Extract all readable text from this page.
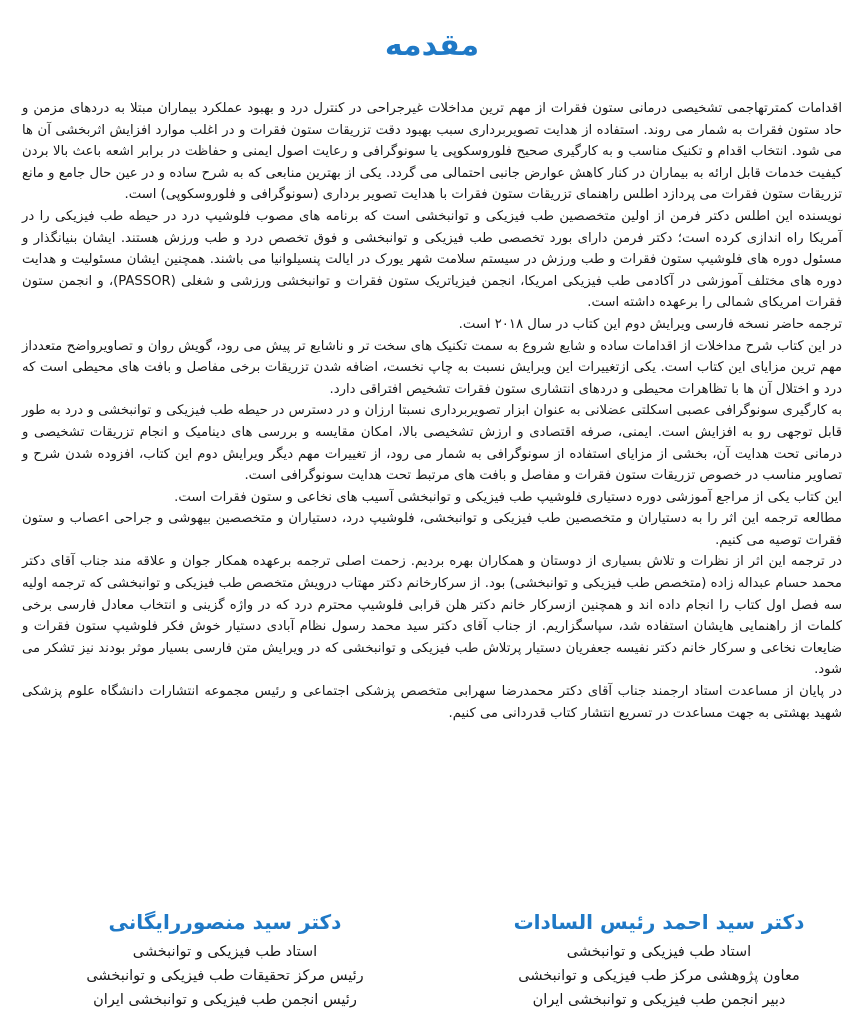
مقدمه

اقدامات کمترتهاجمی تشخیصی درمانی ستون فقرات از مهم ترین مداخلات غیرجراحی در کنترل درد و بهبود عملکرد بیماران مبتلا به دردهای مزمن و حاد ستون فقرات به شمار می روند. استفاده از هدایت تصویربرداری سبب بهبود دقت تزریقات ستون فقرات و در اغلب موارد افزایش اثربخشی آن ها می شود. انتخاب اقدام و تکنیک مناسب و به کارگیری صحیح فلوروسکوپی یا سونوگرافی و رعایت اصول ایمنی و حفاظت در برابر اشعه باعث بالا بردن کیفیت خدمات قابل ارائه به بیماران در کنار کاهش عوارض جانبی احتمالی می گردد. یکی از بهترین منابعی که به شرح ساده و در عین حال جامع و مانع تزریقات ستون فقرات می پردازد اطلس راهنمای تزریقات ستون فقرات با هدایت تصویر برداری (سونوگرافی و فلوروسکوپی) است.

نویسنده این اطلس دکتر فرمن از اولین متخصصین طب فیزیکی و توانبخشی است که برنامه های مصوب فلوشیپ درد در حیطه طب فیزیکی را در آمریکا راه اندازی کرده است؛ دکتر فرمن دارای بورد تخصصی طب فیزیکی و توانبخشی و فوق تخصص درد و طب ورزش هستند. ایشان بنیانگذار و مسئول دوره های فلوشیپ ستون فقرات و طب ورزش در سیستم سلامت شهر یورک در ایالت پنسیلوانیا می باشند. همچنین ایشان مسئولیت و هدایت دوره های مختلف آموزشی در آکادمی طب فیزیکی امریکا، انجمن فیزیاتریک ستون فقرات و توانبخشی ورزشی و شغلی (PASSOR)، و انجمن ستون فقرات امریکای شمالی را برعهده داشته است.

ترجمه حاضر نسخه فارسی ویرایش دوم این کتاب در سال ۲۰۱۸ است.

در این کتاب شرح مداخلات از اقدامات ساده و شایع شروع به سمت تکنیک های سخت تر و ناشایع تر پیش می رود، گویش روان و تصاویرواضح متعدداز مهم ترین مزایای این کتاب است. یکی ازتغییرات این ویرایش نسبت به چاپ نخست، اضافه شدن تزریقات برخی مفاصل و بافت های محیطی است که درد و اختلال آن ها با تظاهرات محیطی و دردهای انتشاری ستون فقرات تشخیص افتراقی دارد.

به کارگیری سونوگرافی عصبی اسکلتی عضلانی به عنوان ابزار تصویربرداری نسبتا ارزان و در دسترس در حیطه طب فیزیکی و توانبخشی و درد به طور قابل توجهی رو به افزایش است. ایمنی، صرفه اقتصادی و ارزش تشخیصی بالا، امکان مقایسه و بررسی های دینامیک و انجام تزریقات تشخیصی و درمانی تحت هدایت آن، بخشی از مزایای استفاده از سونوگرافی به شمار می رود، از تغییرات مهم دیگر ویرایش دوم این کتاب، افزوده شدن شرح و تصاویر مناسب در خصوص تزریقات ستون فقرات و مفاصل و بافت های مرتبط تحت هدایت سونوگرافی است.

این کتاب یکی از مراجع آموزشی دوره دستیاری فلوشیپ طب فیزیکی و توانبخشی آسیب های نخاعی و ستون فقرات است.

مطالعه ترجمه این اثر را به دستیاران و متخصصین طب فیزیکی و توانبخشی، فلوشیپ درد، دستیاران و متخصصین بیهوشی و جراحی اعصاب و ستون فقرات توصیه می کنیم.

در ترجمه این اثر از نظرات و تلاش بسیاری از دوستان و همکاران بهره بردیم. زحمت اصلی ترجمه برعهده همکار جوان و علاقه مند جناب آقای دکتر محمد حسام عبداله زاده (متخصص طب فیزیکی و توانبخشی) بود. از سرکارخانم دکتر مهتاب درویش متخصص طب فیزیکی و توانبخشی که ترجمه اولیه سه فصل اول کتاب را انجام داده اند و همچنین ازسرکار خانم دکتر هلن قرابی فلوشیپ محترم درد که در واژه گزینی و انتخاب معادل فارسی برخی کلمات از راهنمایی هایشان استفاده شد، سپاسگزاریم. از جناب آقای دکتر سید محمد رسول نظام آبادی دستیار خوش فکر فلوشیپ ستون فقرات و ضایعات نخاعی و سرکار خانم دکتر نفیسه جعفریان دستیار پرتلاش طب فیزیکی و توانبخشی که در ویرایش متن فارسی بسیار موثر بودند نیز تشکر می شود.

در پایان از مساعدت استاد ارجمند جناب آقای دکتر محمدرضا سهرابی متخصص پزشکی اجتماعی و رئیس مجموعه انتشارات دانشگاه علوم پزشکی شهید بهشتی به جهت مساعدت در تسریع انتشار کتاب قدردانی می کنیم.

دکتر سید احمد رئیس السادات
استاد طب فیزیکی و توانبخشی
معاون پژوهشی مرکز طب فیزیکی و توانبخشی
دبیر انجمن طب فیزیکی و توانبخشی ایران
دکتر سید منصوررایگانی
استاد طب فیزیکی و توانبخشی
رئیس مرکز تحقیقات طب فیزیکی و توانبخشی
رئیس انجمن طب فیزیکی و توانبخشی ایران
